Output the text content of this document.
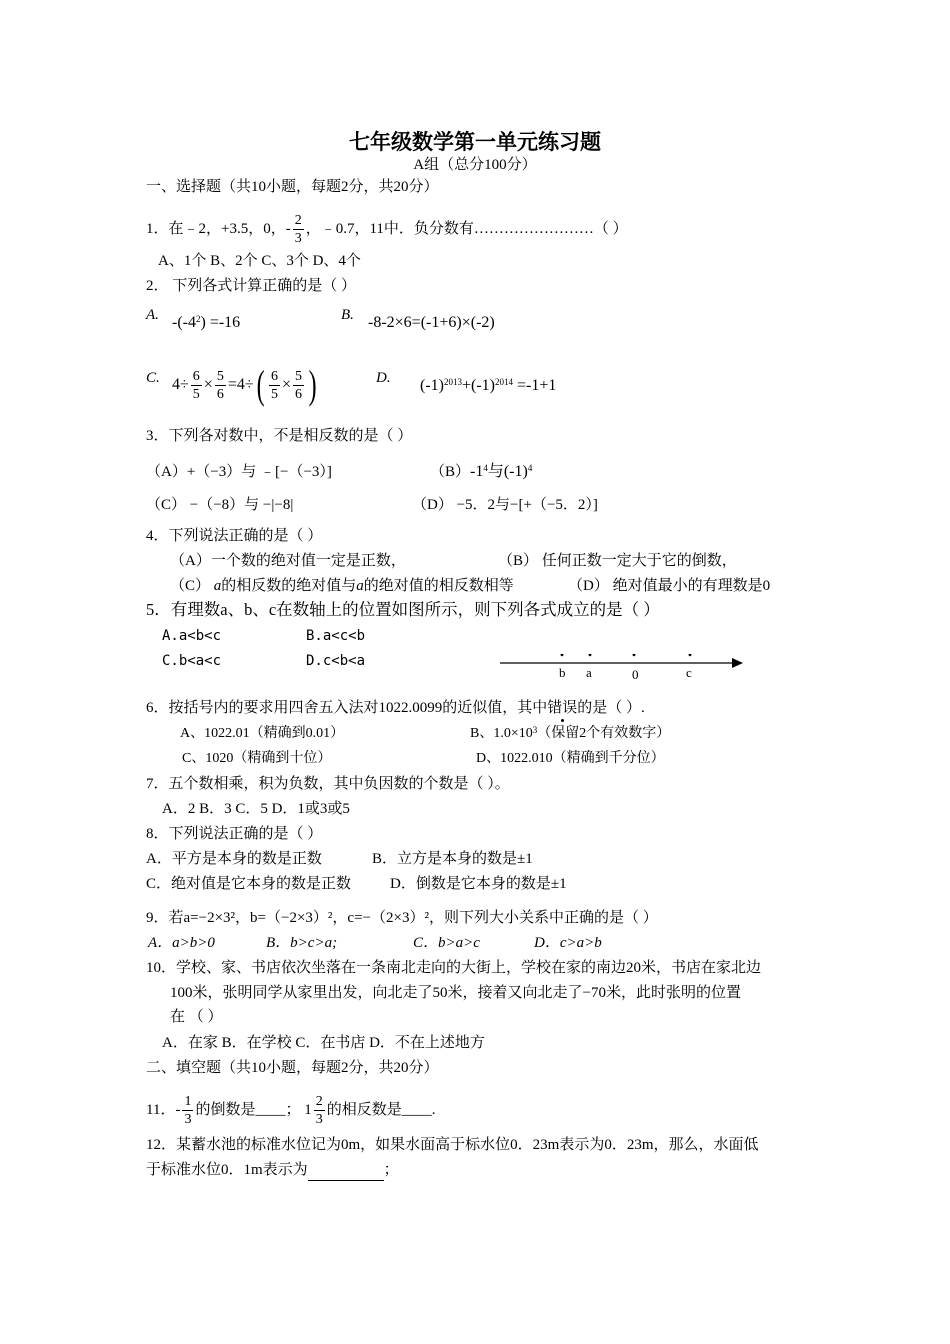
七年级数学第一单元练习题
A组（总分100分）
一、选择题（共10小题，每题2分，共20分）
1．在﹣2，+3.5，0，- $\frac{2}{3}$ ，﹣0.7，11中．负分数有……………………（ ）
A、1个 B、2个 C、3个 D、4个
2． 下列各式计算正确的是（ ）
A. $-(-4^2) =-16$	B. -8-2×6=(-1+6)×(-2)
C. $4\div \frac{6}{5} \times \frac{5}{6} =4\div( \frac{6}{5} \times \frac{5}{6}$ )	D. $(-1)^{2013}+(-1)^{2014} =-1+1$
3．下列各对数中，不是相反数的是（ ）
（A）+（−3）与 ﹣[−（−3）]	$(B)-1^4$与$(-1)^4$
（C） −（−8）与 −|−8|	（D） −5．2与−[+（−5．2）]
4．下列说法正确的是（ ）
（A）一个数的绝对值一定是正数，	（B） 任何正数一定大于它的倒数，
（C） a的相反数的绝对值与a的绝对值的相反数相等	（D） 绝对值最小的有理数是0
5．有理数a、b、c在数轴上的位置如图所示，则下列各式成立的是（ ）
A.a<b<c	B.a<c<b
C.b<a<c	D.c<b<a
b a	0	c
6．按括号内的要求用四舍五入法对1022.0099的近似值，其中错误的是（ ）.
A、1022.01（精确到0.01）	B、$1.0\times 10^3$（保留2个有效数字）
C、1020（精确到十位）	D、1022.010（精确到千分位）
7．五个数相乘，积为负数，其中负因数的个数是（ ）。
A．2 B．3 C．5 D．1或3或5
8．下列说法正确的是（ ）
A．平方是本身的数是正数	B．立方是本身的数是±1
C．绝对值是它本身的数是正数	D．倒数是它本身的数是±1
9．若a=−2×3²，b=（−2×3）²，c=−（2×3）²，则下列大小关系中正确的是（ ）
A．a>b>0	B．b>c>a;	C．b>a>c	D．c>a>b
10．学校、家、书店依次坐落在一条南北走向的大街上，学校在家的南边20米，书店在家北边
100米，张明同学从家里出发，向北走了50米，接着又向北走了−70米，此时张明的位置
在 （ ）
A．在家 B．在学校 C．在书店 D．不在上述地方
二、填空题（共10小题，每题2分，共20分）
11．- $\frac{1}{3}$ 的倒数是____； $1 \frac{2}{3}$ 的相反数是____.
12．某蓄水池的标准水位记为0m，如果水面高于标水位0．23m表示为0．23m，那么，水面低
于标准水位0．1m表示为	；
